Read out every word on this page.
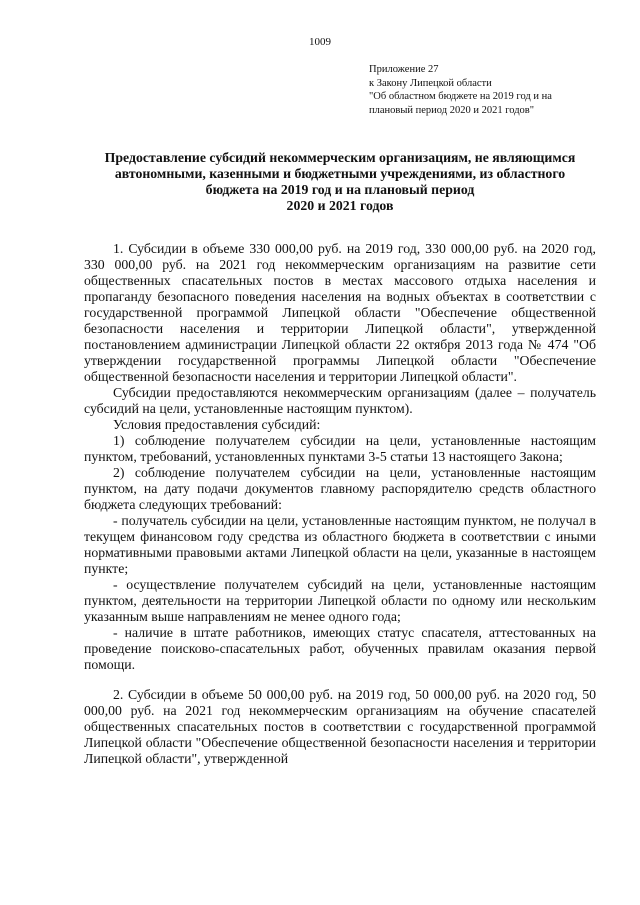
1009
Приложение 27
к Закону Липецкой области
"Об областном бюджете на 2019 год и на
плановый период 2020 и 2021 годов"
Предоставление субсидий некоммерческим организациям, не являющимся
автономными, казенными и бюджетными учреждениями, из областного
бюджета на 2019 год и на плановый период
2020 и 2021 годов

1. Субсидии в объеме 330 000,00 руб. на 2019 год, 330 000,00 руб. на 2020 год, 330 000,00 руб. на 2021 год некоммерческим организациям на развитие сети общественных спасательных постов в местах массового отдыха населения и пропаганду безопасного поведения населения на водных объектах в соответствии с государственной программой Липецкой области "Обеспечение общественной безопасности населения и территории Липецкой области", утвержденной постановлением администрации Липецкой области 22 октября 2013 года № 474 "Об утверждении государственной программы Липецкой области "Обеспечение общественной безопасности населения и территории Липецкой области".

Субсидии предоставляются некоммерческим организациям (далее – получатель субсидий на цели, установленные настоящим пунктом).

Условия предоставления субсидий:

1) соблюдение получателем субсидии на цели, установленные настоящим пунктом, требований, установленных пунктами 3-5 статьи 13 настоящего Закона;

2) соблюдение получателем субсидии на цели, установленные настоящим пунктом, на дату подачи документов главному распорядителю средств областного бюджета следующих требований:

- получатель субсидии на цели, установленные настоящим пунктом, не получал в текущем финансовом году средства из областного бюджета в соответствии с иными нормативными правовыми актами Липецкой области на цели, указанные в настоящем пункте;

- осуществление получателем субсидий на цели, установленные настоящим пунктом, деятельности на территории Липецкой области по одному или нескольким указанным выше направлениям не менее одного года;

- наличие в штате работников, имеющих статус спасателя, аттестованных на проведение поисково-спасательных работ, обученных правилам оказания первой помощи.

2. Субсидии в объеме 50 000,00 руб. на 2019 год, 50 000,00 руб. на 2020 год, 50 000,00 руб. на 2021 год некоммерческим организациям на обучение спасателей общественных спасательных постов в соответствии с государственной программой Липецкой области "Обеспечение общественной безопасности населения и территории Липецкой области", утвержденной
